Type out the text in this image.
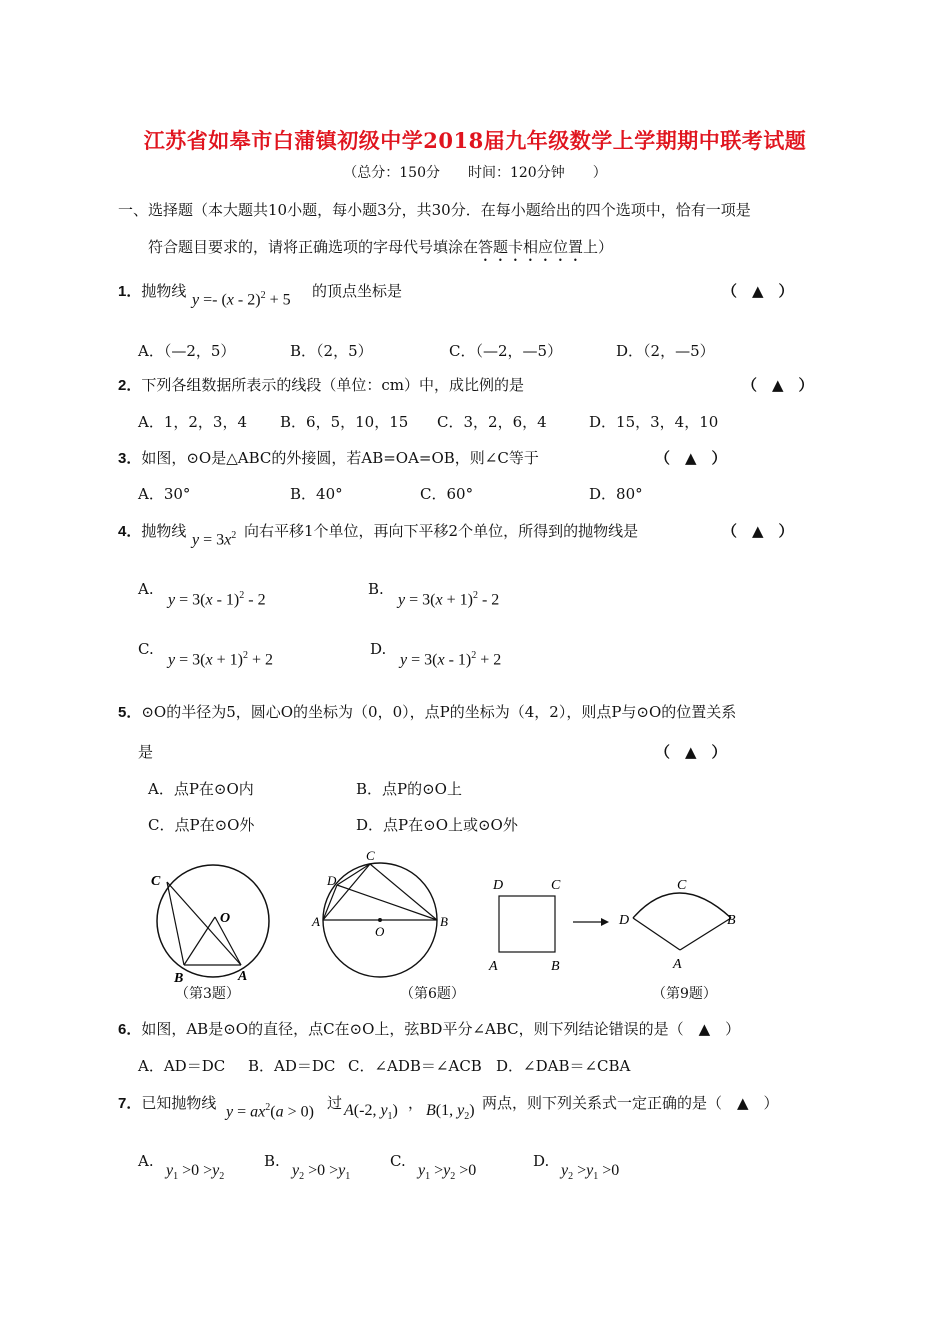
江苏省如皋市白蒲镇初级中学2018届九年级数学上学期期中联考试题
（总分：150分　　时间：120分钟　　）
一、选择题（本大题共10小题，每小题3分，共30分．在每小题给出的四个选项中，恰有一项是
符合题目要求的，请将正确选项的字母代号填涂在答题卡相应位置上）
1．抛物线 y =- (x - 2)$^2$ + 5 的顶点坐标是	（　▲　）
A．（—2，5）	B．（2，5）	C．（—2，—5）	D．（2，—5）
2．下列各组数据所表示的线段（单位：cm）中，成比例的是	（　▲　）
A．1，2，3，4 B．6，5，10，15 C．3，2，6，4	D．15，3，4，10
3．如图，⊙O是△ABC的外接圆，若AB=OA=OB，则∠C等于	（　▲　）
A．30°	B．40°	C．60°	D．80°
4．抛物线 $y = 3x^2$ 向右平移1个单位，再向下平移2个单位，所得到的抛物线是	（　▲　）
A.
y = 3(x - 1)$^2$ - 2
B.
$y = 3(x + 1)^2 - 2$
C.
$y = 3(x + 1)^2 + 2$
D.
y = 3(x - 1)$^2$ + 2
5．⊙O的半径为5，圆心O的坐标为（0，0），点P的坐标为（4，2），则点P与⊙O的位置关系
是	（　▲　）
A．点P在⊙O内	B．点P的⊙O上
C．点P在⊙O外	D．点P在⊙O上或⊙O外
C
O
B	A
（第3题）
C
D
A
O
B
（第6题）
D	C
A	B
C
D	B
A
（第9题）
6．如图，AB是⊙O的直径，点C在⊙O上，弦BD平分∠ABC，则下列结论错误的是（　▲　）
A．AD＝DC B．AD＝DC C．∠ADB＝∠ACB D．∠DAB＝∠CBA
7．已知抛物线 $y = ax^2(a > 0)$ 过 A(-2, $y_1$) ， B(1, $y_2$) 两点，则下列关系式一定正确的是（　▲　）
A.
$y_1 >0 >y_2$
B.
$y_2 >0 >y_1$
C.
$y_1 >y_2 >0$
D.
$y_2 >y_1 >0$
